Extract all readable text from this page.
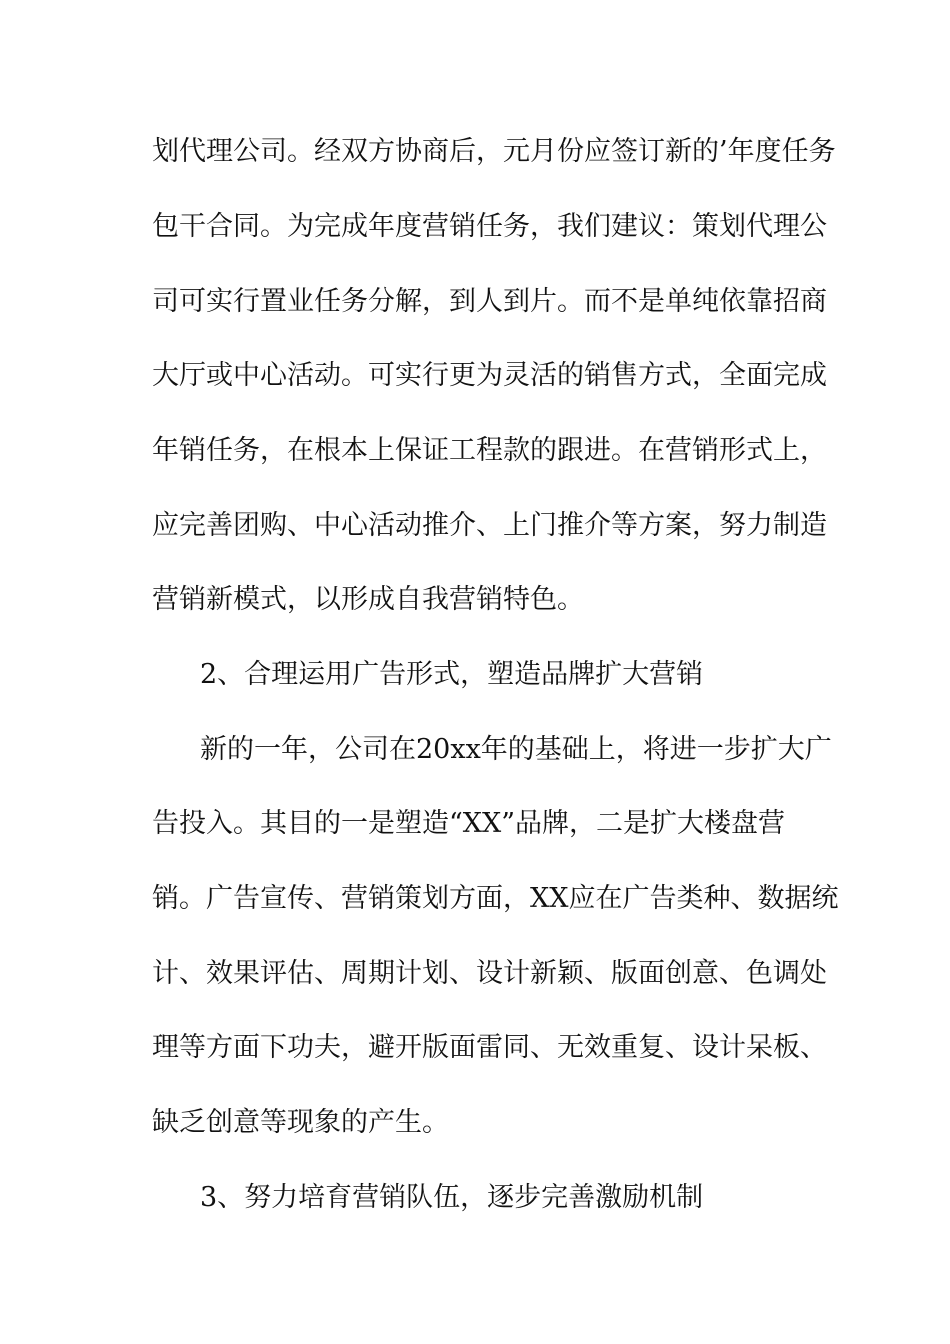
划代理公司。经双方协商后，元月份应签订新的’年度任务
包干合同。为完成年度营销任务，我们建议：策划代理公
司可实行置业任务分解，到人到片。而不是单纯依靠招商
大厅或中心活动。可实行更为灵活的销售方式，全面完成
年销任务，在根本上保证工程款的跟进。在营销形式上，
应完善团购、中心活动推介、上门推介等方案，努力制造
营销新模式，以形成自我营销特色。
2、合理运用广告形式，塑造品牌扩大营销
新的一年，公司在20xx年的基础上，将进一步扩大广
告投入。其目的一是塑造“XX”品牌，二是扩大楼盘营
销。广告宣传、营销策划方面，XX应在广告类种、数据统
计、效果评估、周期计划、设计新颖、版面创意、色调处
理等方面下功夫，避开版面雷同、无效重复、设计呆板、
缺乏创意等现象的产生。
3、努力培育营销队伍，逐步完善激励机制
